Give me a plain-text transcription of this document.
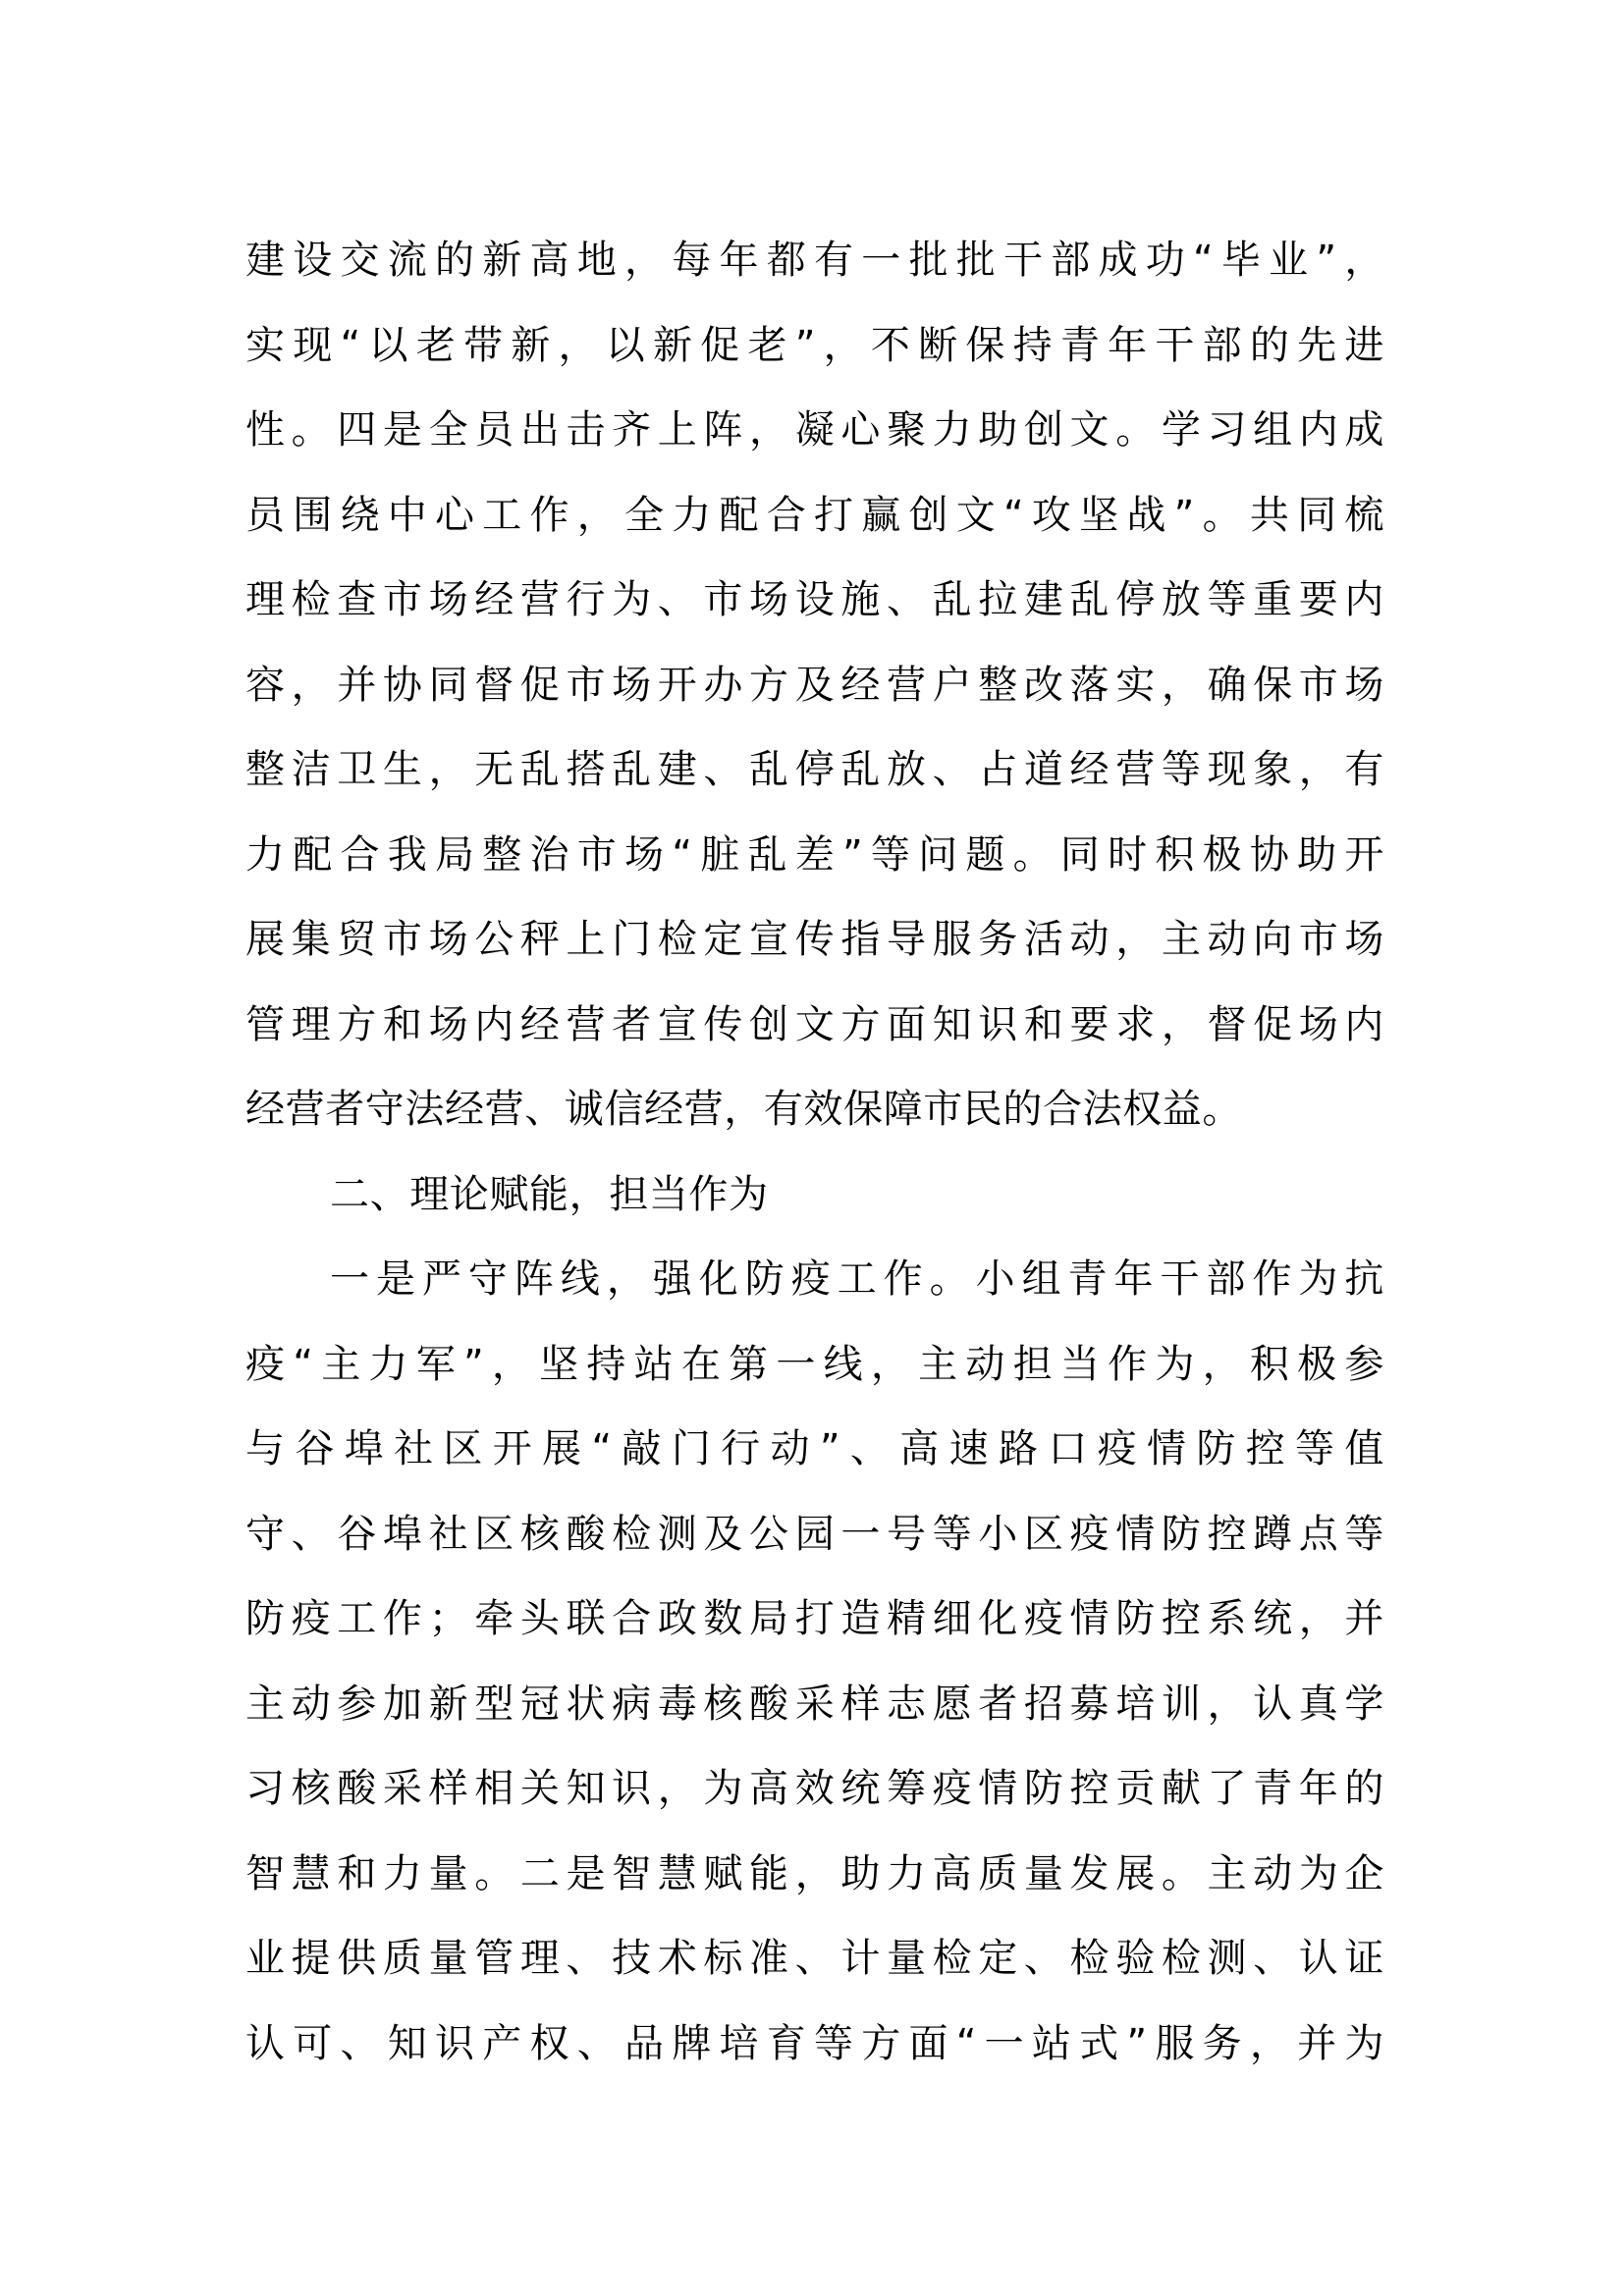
建设交流的新高地，每年都有一批批干部成功“毕业”，
实现“以老带新，以新促老”，不断保持青年干部的先进
性。四是全员出击齐上阵，凝心聚力助创文。学习组内成
员围绕中心工作，全力配合打赢创文“攻坚战”。共同梳
理检查市场经营行为、市场设施、乱拉建乱停放等重要内
容，并协同督促市场开办方及经营户整改落实，确保市场
整洁卫生，无乱搭乱建、乱停乱放、占道经营等现象，有
力配合我局整治市场“脏乱差”等问题。同时积极协助开
展集贸市场公秤上门检定宣传指导服务活动，主动向市场
管理方和场内经营者宣传创文方面知识和要求，督促场内
经营者守法经营、诚信经营，有效保障市民的合法权益。
二、理论赋能，担当作为
一是严守阵线，强化防疫工作。小组青年干部作为抗
疫“主力军”，坚持站在第一线，主动担当作为，积极参
与谷埠社区开展“敲门行动”、高速路口疫情防控等值
守、谷埠社区核酸检测及公园一号等小区疫情防控蹲点等
防疫工作；牵头联合政数局打造精细化疫情防控系统，并
主动参加新型冠状病毒核酸采样志愿者招募培训，认真学
习核酸采样相关知识，为高效统筹疫情防控贡献了青年的
智慧和力量。二是智慧赋能，助力高质量发展。主动为企
业提供质量管理、技术标准、计量检定、检验检测、认证
认可、知识产权、品牌培育等方面“一站式”服务，并为
